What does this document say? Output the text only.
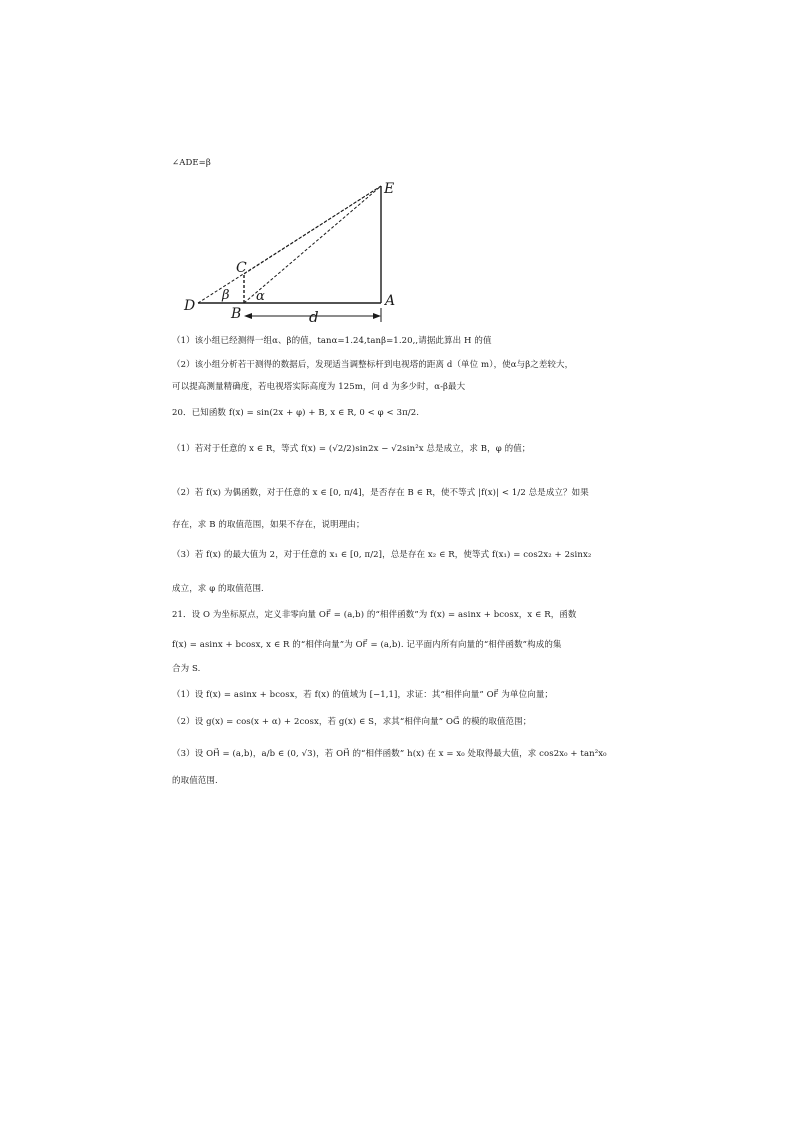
∠ADE=β
E
C
β α
D	B
A
d
（1）该小组已经测得一组α、β的值，tanα=1.24,tanβ=1.20,,请据此算出 H 的值
（2）该小组分析若干测得的数据后，发现适当调整标杆到电视塔的距离 d（单位 m），使α与β之差较大，
可以提高测量精确度，若电视塔实际高度为 125m，问 d 为多少时，α-β最大
20．已知函数 f(x) = sin(2x + φ) + B, x ∈ R, 0 < φ < 3π/2.
（1）若对于任意的 x ∈ R，等式 f(x) = (√2/2)sin2x − √2sin²x 总是成立，求 B，φ 的值；
（2）若 f(x) 为偶函数，对于任意的 x ∈ [0, π/4]，是否存在 B ∈ R，使不等式 |f(x)| < 1/2 总是成立？如果
存在，求 B 的取值范围，如果不存在，说明理由；
（3）若 f(x) 的最大值为 2，对于任意的 x₁ ∈ [0, π/2]，总是存在 x₂ ∈ R，使等式 f(x₁) = cos2x₂ + 2sinx₂
成立，求 φ 的取值范围.
21．设 O 为坐标原点，定义非零向量 OF⃗ = (a,b) 的“相伴函数”为 f(x) = asinx + bcosx，x ∈ R，函数
f(x) = asinx + bcosx, x ∈ R 的“相伴向量”为 OF⃗ = (a,b). 记平面内所有向量的“相伴函数”构成的集
合为 S.
（1）设 f(x) = asinx + bcosx，若 f(x) 的值域为 [−1,1]，求证：其“相伴向量” OF⃗ 为单位向量；
（2）设 g(x) = cos(x + α) + 2cosx，若 g(x) ∈ S，求其“相伴向量” OG⃗ 的模的取值范围；
（3）设 OH⃗ = (a,b)，a/b ∈ (0, √3)，若 OH⃗ 的“相伴函数” h(x) 在 x = x₀ 处取得最大值，求 cos2x₀ + tan²x₀
的取值范围.
